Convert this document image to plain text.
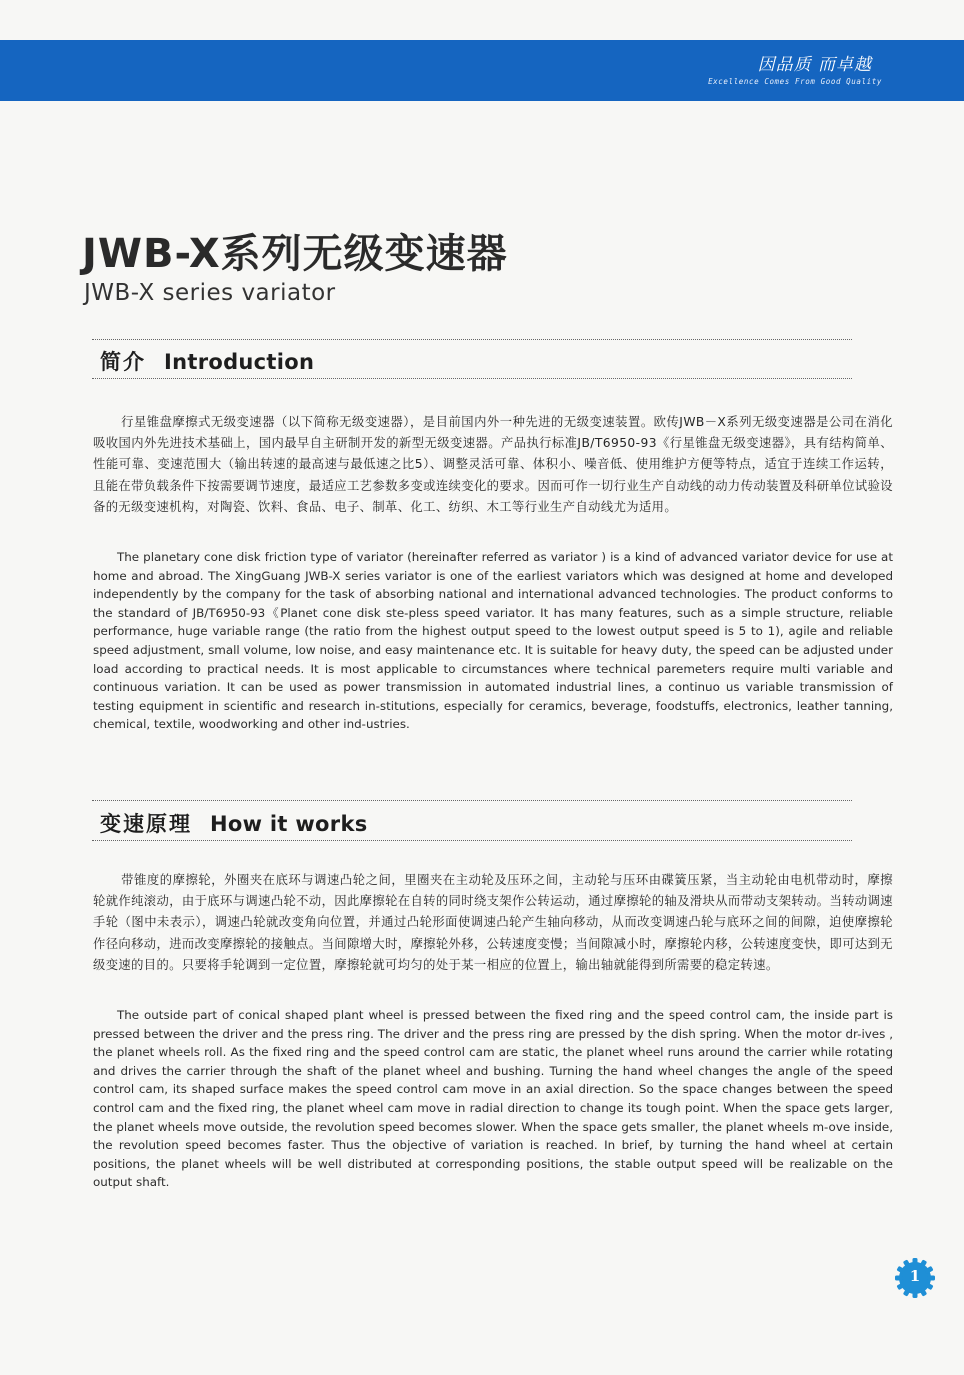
因品质 而卓越
Excellence Comes From Good Quality
JWB-X系列无级变速器
JWB-X series variator
简介 Introduction

行星锥盘摩擦式无级变速器（以下简称无级变速器），是目前国内外一种先进的无级变速装置。欧传JWB－X系列无级变速器是公司在消化吸收国内外先进技术基础上，国内最早自主研制开发的新型无级变速器。产品执行标准JB/T6950-93《行星锥盘无级变速器》，具有结构简单、性能可靠、变速范围大（输出转速的最高速与最低速之比5）、调整灵活可靠、体积小、噪音低、使用维护方便等特点，适宜于连续工作运转，且能在带负载条件下按需要调节速度，最适应工艺参数多变或连续变化的要求。因而可作一切行业生产自动线的动力传动装置及科研单位试验设备的无级变速机构，对陶瓷、饮料、食品、电子、制革、化工、纺织、木工等行业生产自动线尤为适用。

The planetary cone disk friction type of variator (hereinafter referred as variator ) is a kind of advanced variator device for use at home and abroad. The XingGuang JWB-X series variator is one of the earliest variators which was designed at home and developed independently by the company for the task of absorbing national and international advanced technologies. The product conforms to the standard of JB/T6950-93《Planet cone disk ste-pless speed variator. It has many features, such as a simple structure, reliable performance, huge variable range (the ratio from the highest output speed to the lowest output speed is 5 to 1), agile and reliable speed adjustment, small volume, low noise, and easy maintenance etc. It is suitable for heavy duty, the speed can be adjusted under load according to practical needs. It is most applicable to circumstances where technical paremeters require multi variable and continuous variation. It can be used as power transmission in automated industrial lines, a continuo us variable transmission of testing equipment in scientific and research in-stitutions, especially for ceramics, beverage, foodstuffs, electronics, leather tanning, chemical, textile, woodworking and other ind-ustries.

变速原理 How it works

带锥度的摩擦轮，外圈夹在底环与调速凸轮之间，里圈夹在主动轮及压环之间，主动轮与压环由碟簧压紧，当主动轮由电机带动时，摩擦轮就作纯滚动，由于底环与调速凸轮不动，因此摩擦轮在自转的同时绕支架作公转运动，通过摩擦轮的轴及滑块从而带动支架转动。当转动调速手轮（图中未表示），调速凸轮就改变角向位置，并通过凸轮形面使调速凸轮产生轴向移动，从而改变调速凸轮与底环之间的间隙，迫使摩擦轮作径向移动，进而改变摩擦轮的接触点。当间隙增大时，摩擦轮外移，公转速度变慢；当间隙减小时，摩擦轮内移，公转速度变快，即可达到无级变速的目的。只要将手轮调到一定位置，摩擦轮就可均匀的处于某一相应的位置上，输出轴就能得到所需要的稳定转速。

The outside part of conical shaped plant wheel is pressed between the fixed ring and the speed control cam, the inside part is pressed between the driver and the press ring. The driver and the press ring are pressed by the dish spring. When the motor dr-ives , the planet wheels roll. As the fixed ring and the speed control cam are static, the planet wheel runs around the carrier while rotating and drives the carrier through the shaft of the planet wheel and bushing. Turning the hand wheel changes the angle of the speed control cam, its shaped surface makes the speed control cam move in an axial direction. So the space changes between the speed control cam and the fixed ring, the planet wheel cam move in radial direction to change its tough point. When the space gets larger, the planet wheels move outside, the revolution speed becomes slower. When the space gets smaller, the planet wheels m-ove inside, the revolution speed becomes faster. Thus the objective of variation is reached. In brief, by turning the hand wheel at certain positions, the planet wheels will be well distributed at corresponding positions, the stable output speed will be realizable on the output shaft.

1
